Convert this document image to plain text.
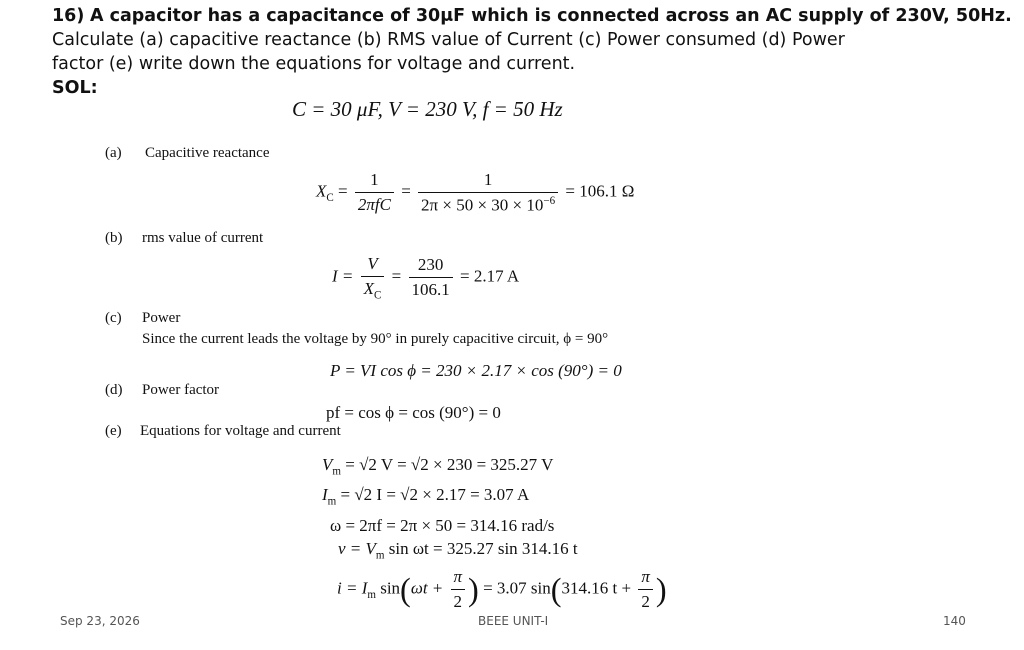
16) A capacitor has a capacitance of 30μF which is connected across an AC supply of 230V, 50Hz.
Calculate (a) capacitive reactance (b) RMS value of Current (c) Power consumed (d) Power
factor (e) write down the equations for voltage and current.
SOL:
C = 30 μF, V = 230 V, f = 50 Hz
(a) Capacitive reactance
$X_C$ =
1
2πfC
= $\frac{1}{2\pi \times 50 \times 30 \times 10^{-6}} = 106.1$ Ω
(b) rms value of current
$I = \frac{V}{X_C} = \frac{230}{106.1} = 2.17$ A
(c) Power
Since the current leads the voltage by 90° in purely capacitive circuit, ϕ = 90°
P = VI cos ϕ = 230 × 2.17 × cos (90°) = 0
(d) Power factor
pf = cos ϕ = cos (90°) = 0
(e) Equations for voltage and current
$V_m = √2$ V = √2 × 230 = 325.27 V
$I_m = √2$ I = √2 × 2.17 = 3.07 A
ω = 2πf = 2π × 50 = 314.16 rad/s
$v = V_m$ sin ωt = 325.27 sin 314.16 t
$i = I_m$ $\sin(\omega t + \frac{\pi}{2}$ ) = 3.07 sin(314.16 $t + \frac{\pi}{2}$ )
Sep 23, 2026	BEEE UNIT-I	140
